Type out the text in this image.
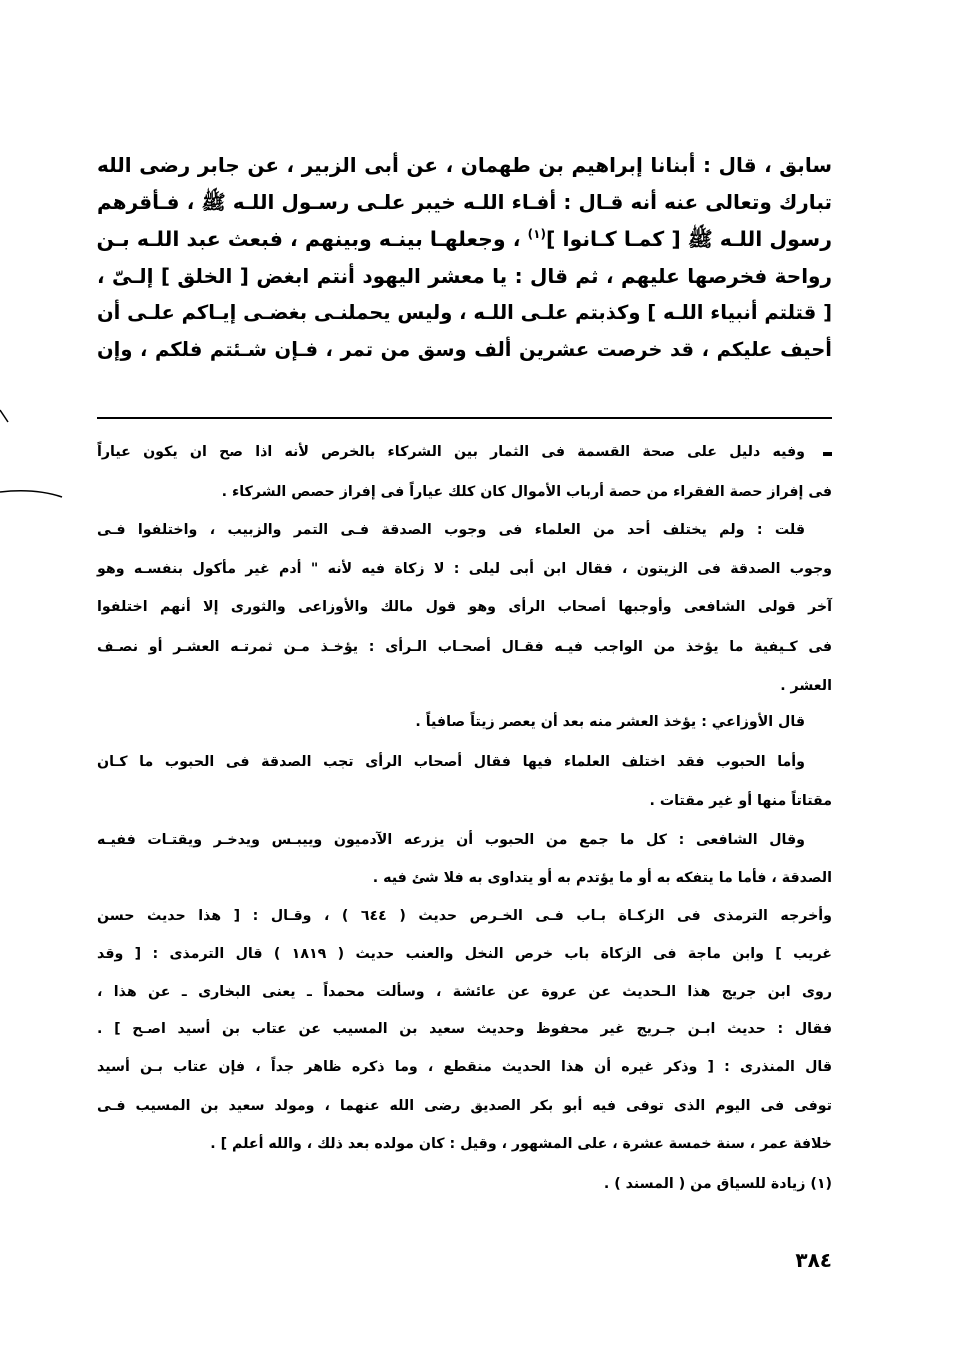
سابق ، قال : أبنانا إبراهيم بن طهمان ، عن أبى الزبير ، عن جابر رضى الله
تبارك وتعالى عنه أنه قـال : أفـاء اللـه خيبر علـى رسـول اللـه ﷺ ، فـأقرهم
رسول اللـه ﷺ [ كمـا كـانوا ]$^{(١)}$ ، وجعلهـا بينـه وبينهم ، فبعث عبد اللـه بـن
رواحة فخرصها عليهم ، ثم قال : يا معشر اليهود أنتم ابغض [ الخلق ] إلـىّ ،
[ قتلتم أنبياء اللـه ] وكذبتم علـى اللـه ، وليس يحملنـى بغضـى إيـاكم علـى أن
أحيف عليكم ، قد خرصت عشرين ألف وسق من تمر ، فـإن شـئتم فلكم ، وإن
وفيه دليل على صحة القسمة فى الثمار بين الشركاء بالخرص لأنه اذا صح ان يكون عياراً
فى إفراز حصة الفقراء من حصة أرباب الأموال كان كلك عياراً فى إفراز حصص الشركاء .
قلت : ولم يختلف أحد من العلماء فى وجوب الصدقة فـى التمر والزبيب ، واختلفوا فـى
وجوب الصدقة فى الزيتون ، فقال ابن أبى ليلى : لا زكاة فيه لأنه " أدم غير مأكول بنفسـه وهو
آخر قولى الشافعى وأوجبها أصحاب الرأى وهو قول مالك والأوزاعى والثورى إلا أنهم اختلفوا
فى كـيفية ما يؤخذ من الواجب فيـه فقـال أصحـاب الـرأى : يؤخـذ مـن ثمرتـه العشـر أو نصـف
العشر .
قال الأوزاعي : يؤخذ العشر منه بعد أن يعصر زيتاً صافياً .
وأما الحبوب فقد اختلف العلماء فيها فقال أصحاب الرأى تجب الصدقة فى الحبوب ما كـان
مقتاتاً منها أو غير مقتات .
وقال الشافعى : كل ما جمع من الحبوب أن يزرعه الآدميون وييبـس ويدخـر ويقتـات ففيـه
الصدقة ، فأما ما يتفكه به أو ما يؤتدم به أو يتداوى به فلا شئ فيه .
وأخرجه الترمذى فى الزكـاة بـاب فـى الخـرص حديث ( ٦٤٤ ) ، وقـال : [ هذا حديث حسن
غريب ] وابن ماجة فى الزكاة باب خرص النخل والعنب حديث ( ١٨١٩ ) قال الترمذى : [ وقد
روى ابن جريج هذا الـحديث عن عروة عن عائشة ، وسألت محمداً ـ يعنى البخارى ـ عن هذا ،
فقال : حديث ابـن جـريج غير محفوظ وحديث سعيد بن المسيب عن عتاب بن أسيد اصـح ] .
قال المنذرى : [ وذكر غيره أن هذا الحديث منقطع ، وما ذكره ظاهر جداً ، فإن عتاب بـن أسيد
توفى فى اليوم الذى توفى فيه أبو بكر الصديق رضى الله عنهما ، ومولد سعيد بن المسيب فـى
خلافة عمر ، سنة خمسة عشرة ، على المشهور ، وقيل : كان مولده بعد ذلك ، والله أعلم ] .
(١) زيادة للسياق من ( المسند ) .
٣٨٤
